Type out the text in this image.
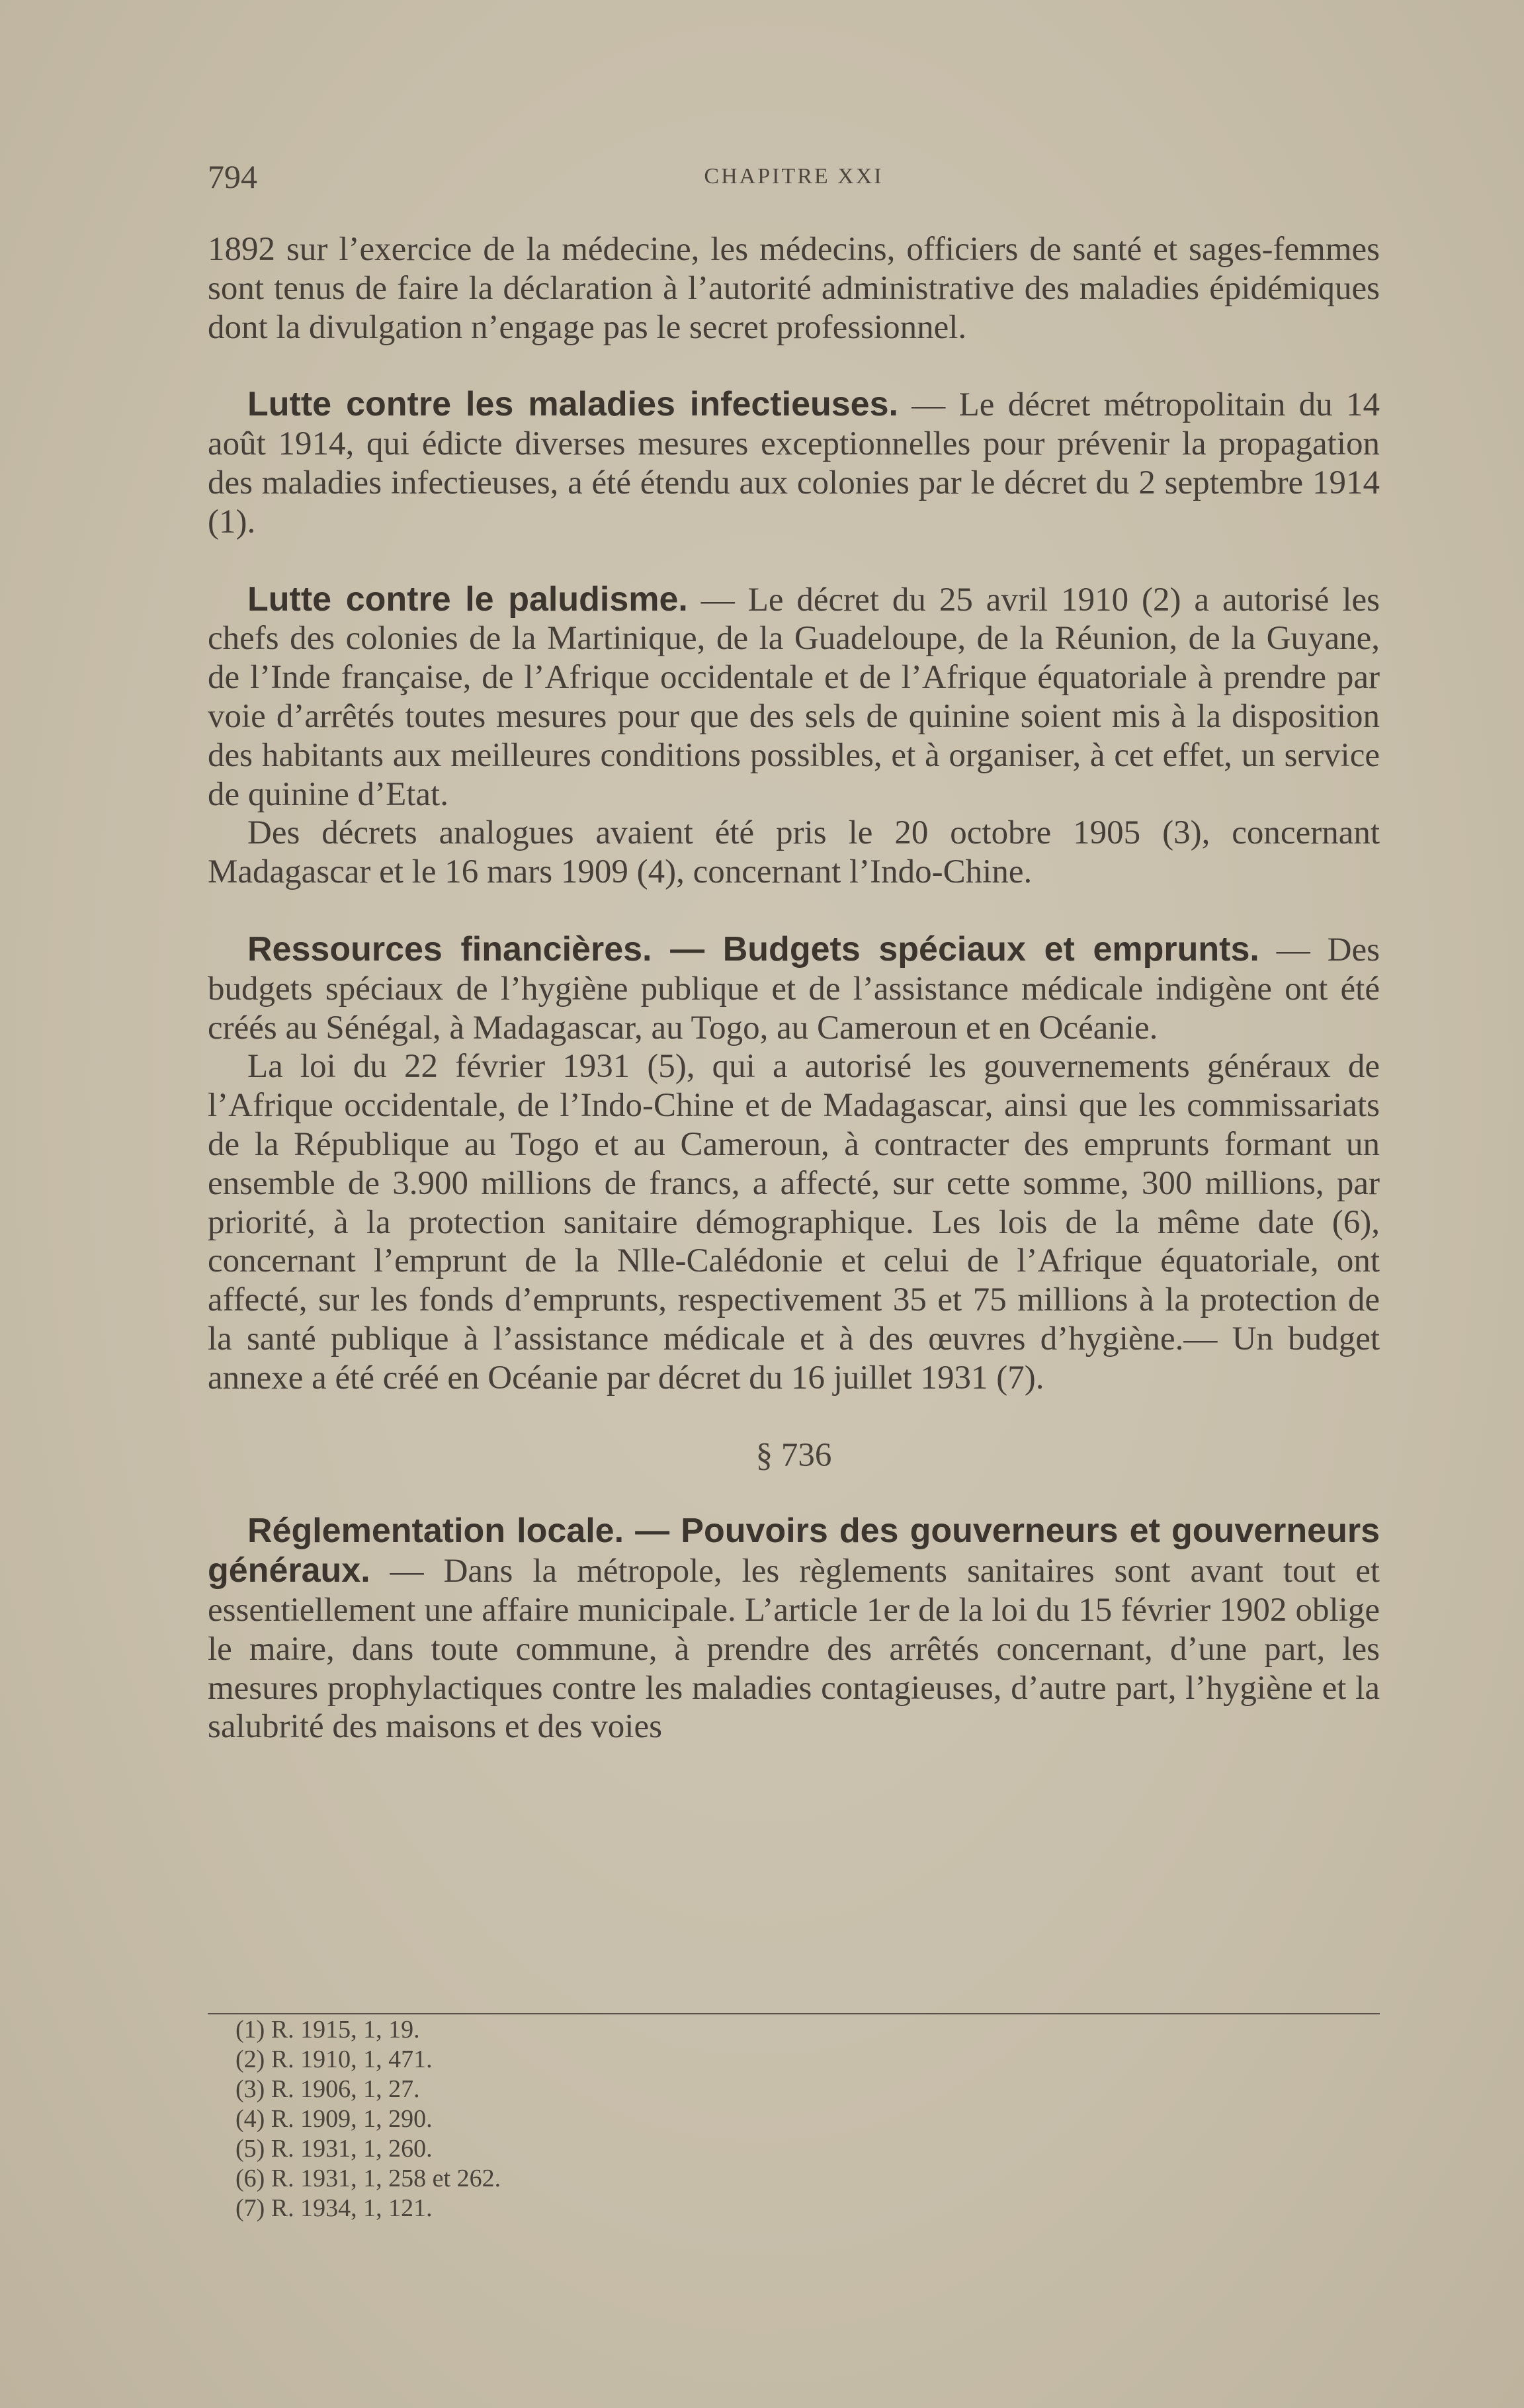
794	CHAPITRE XXI

1892 sur l’exercice de la médecine, les médecins, officiers de santé et sages-femmes sont tenus de faire la déclaration à l’autorité administrative des maladies épidémiques dont la divulgation n’engage pas le secret professionnel.

Lutte contre les maladies infectieuses. — Le décret métropolitain du 14 août 1914, qui édicte diverses mesures exceptionnelles pour prévenir la propagation des maladies infectieuses, a été étendu aux colonies par le décret du 2 septembre 1914 (1).

Lutte contre le paludisme. — Le décret du 25 avril 1910 (2) a autorisé les chefs des colonies de la Martinique, de la Guadeloupe, de la Réunion, de la Guyane, de l’Inde française, de l’Afrique occidentale et de l’Afrique équatoriale à prendre par voie d’arrêtés toutes mesures pour que des sels de quinine soient mis à la disposition des habitants aux meilleures conditions possibles, et à organiser, à cet effet, un service de quinine d’Etat.

Des décrets analogues avaient été pris le 20 octobre 1905 (3), concernant Madagascar et le 16 mars 1909 (4), concernant l’Indo-Chine.

Ressources financières. — Budgets spéciaux et emprunts. — Des budgets spéciaux de l’hygiène publique et de l’assistance médicale indigène ont été créés au Sénégal, à Madagascar, au Togo, au Cameroun et en Océanie.

La loi du 22 février 1931 (5), qui a autorisé les gouvernements généraux de l’Afrique occidentale, de l’Indo-Chine et de Madagascar, ainsi que les commissariats de la République au Togo et au Cameroun, à contracter des emprunts formant un ensemble de 3.900 millions de francs, a affecté, sur cette somme, 300 millions, par priorité, à la protection sanitaire démographique. Les lois de la même date (6), concernant l’emprunt de la Nlle-Calédonie et celui de l’Afrique équatoriale, ont affecté, sur les fonds d’emprunts, respectivement 35 et 75 millions à la protection de la santé publique à l’assistance médicale et à des œuvres d’hygiène.— Un budget annexe a été créé en Océanie par décret du 16 juillet 1931 (7).

§ 736

Réglementation locale. — Pouvoirs des gouverneurs et gouverneurs généraux. — Dans la métropole, les règlements sanitaires sont avant tout et essentiellement une affaire municipale. L’article 1er de la loi du 15 février 1902 oblige le maire, dans toute commune, à prendre des arrêtés concernant, d’une part, les mesures prophylactiques contre les maladies contagieuses, d’autre part, l’hygiène et la salubrité des maisons et des voies

(1) R. 1915, 1, 19.
(2) R. 1910, 1, 471.
(3) R. 1906, 1, 27.
(4) R. 1909, 1, 290.
(5) R. 1931, 1, 260.
(6) R. 1931, 1, 258 et 262.
(7) R. 1934, 1, 121.
